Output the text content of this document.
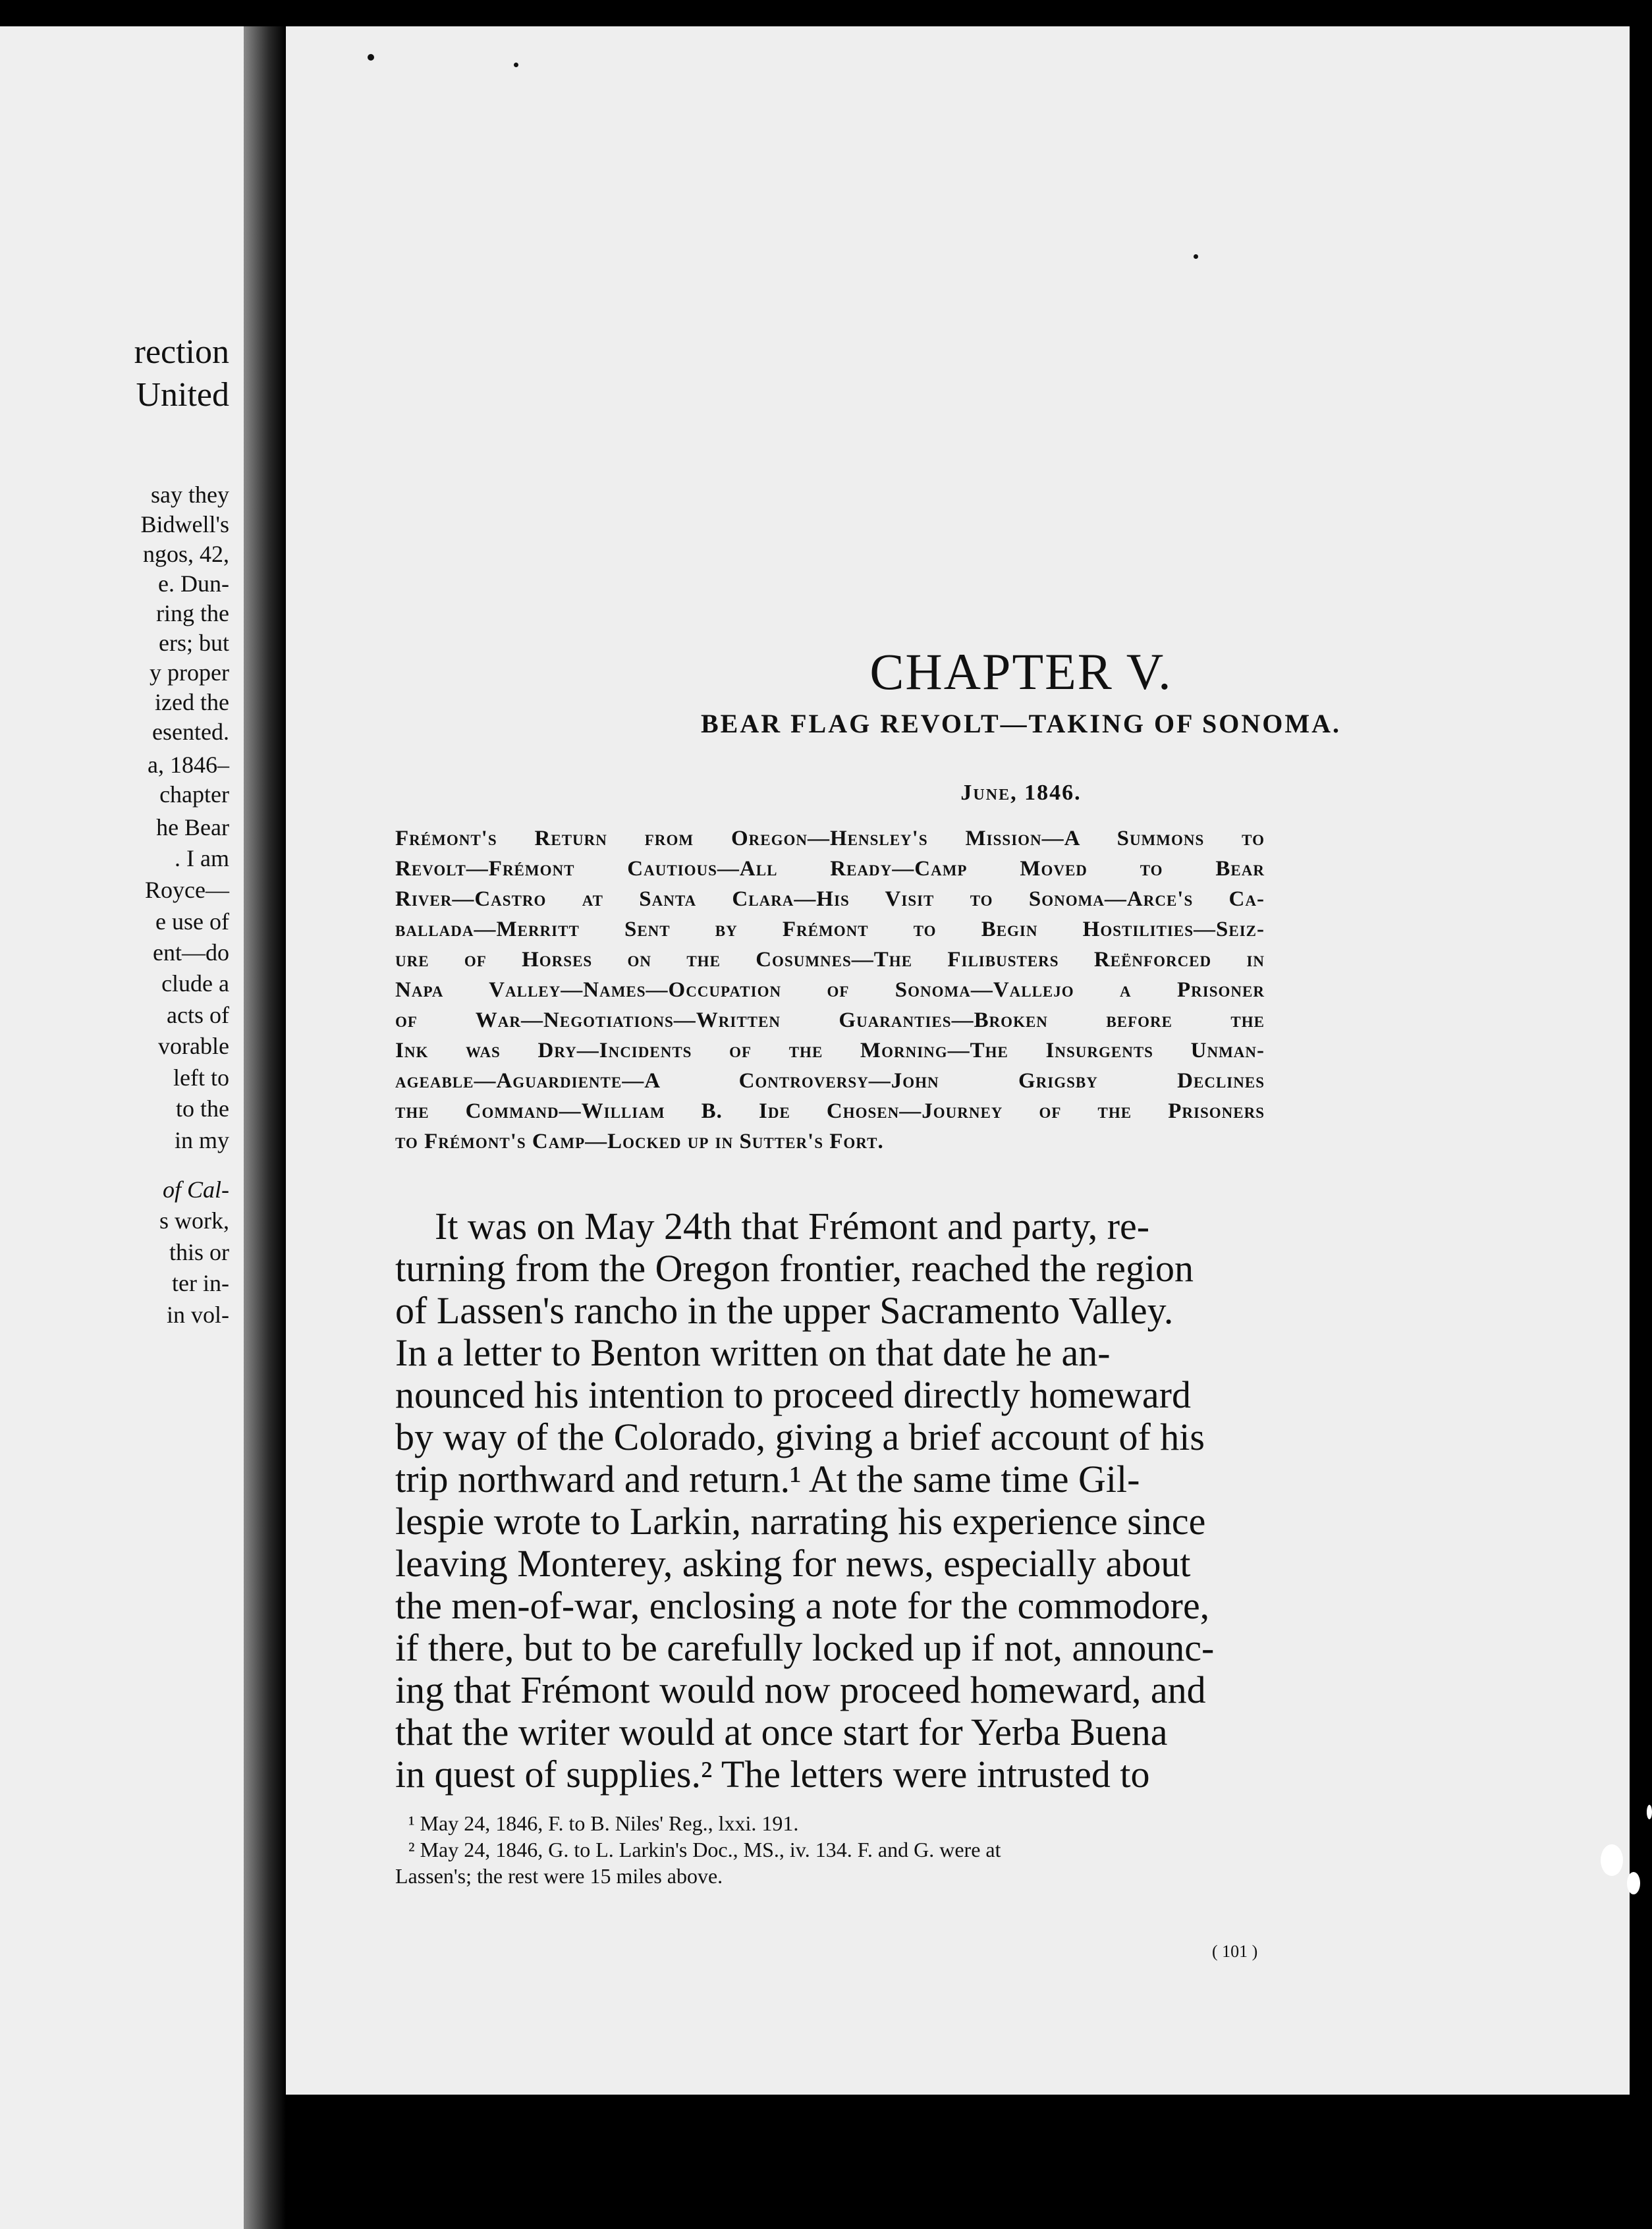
rection
United
say they
Bidwell's
ngos, 42,
e. Dun-
ring the
ers; but
y proper
ized the
esented.
a, 1846–
chapter
he Bear
. I am
Royce—
e use of
ent—do
clude a
acts of
vorable
left to
to the
in my
of Cal-
s work,
this or
ter in-
in vol-
CHAPTER V.
BEAR FLAG REVOLT—TAKING OF SONOMA.
June, 1846.
Frémont's Return from Oregon—Hensley's Mission—A Summons to
Revolt—Frémont Cautious—All Ready—Camp Moved to Bear
River—Castro at Santa Clara—His Visit to Sonoma—Arce's Ca-
ballada—Merritt Sent by Frémont to Begin Hostilities—Seiz-
ure of Horses on the Cosumnes—The Filibusters Reënforced in
Napa Valley—Names—Occupation of Sonoma—Vallejo a Prisoner
of War—Negotiations—Written Guaranties—Broken before the
Ink was Dry—Incidents of the Morning—The Insurgents Unman-
ageable—Aguardiente—A Controversy—John Grigsby Declines
the Command—William B. Ide Chosen—Journey of the Prisoners
to Frémont's Camp—Locked up in Sutter's Fort.
It was on May 24th that Frémont and party, re-
turning from the Oregon frontier, reached the region
of Lassen's rancho in the upper Sacramento Valley.
In a letter to Benton written on that date he an-
nounced his intention to proceed directly homeward
by way of the Colorado, giving a brief account of his
trip northward and return.¹ At the same time Gil-
lespie wrote to Larkin, narrating his experience since
leaving Monterey, asking for news, especially about
the men-of-war, enclosing a note for the commodore,
if there, but to be carefully locked up if not, announc-
ing that Frémont would now proceed homeward, and
that the writer would at once start for Yerba Buena
in quest of supplies.² The letters were intrusted to
¹ May 24, 1846, F. to B. Niles' Reg., lxxi. 191.
² May 24, 1846, G. to L. Larkin's Doc., MS., iv. 134. F. and G. were at
Lassen's; the rest were 15 miles above.
( 101 )
